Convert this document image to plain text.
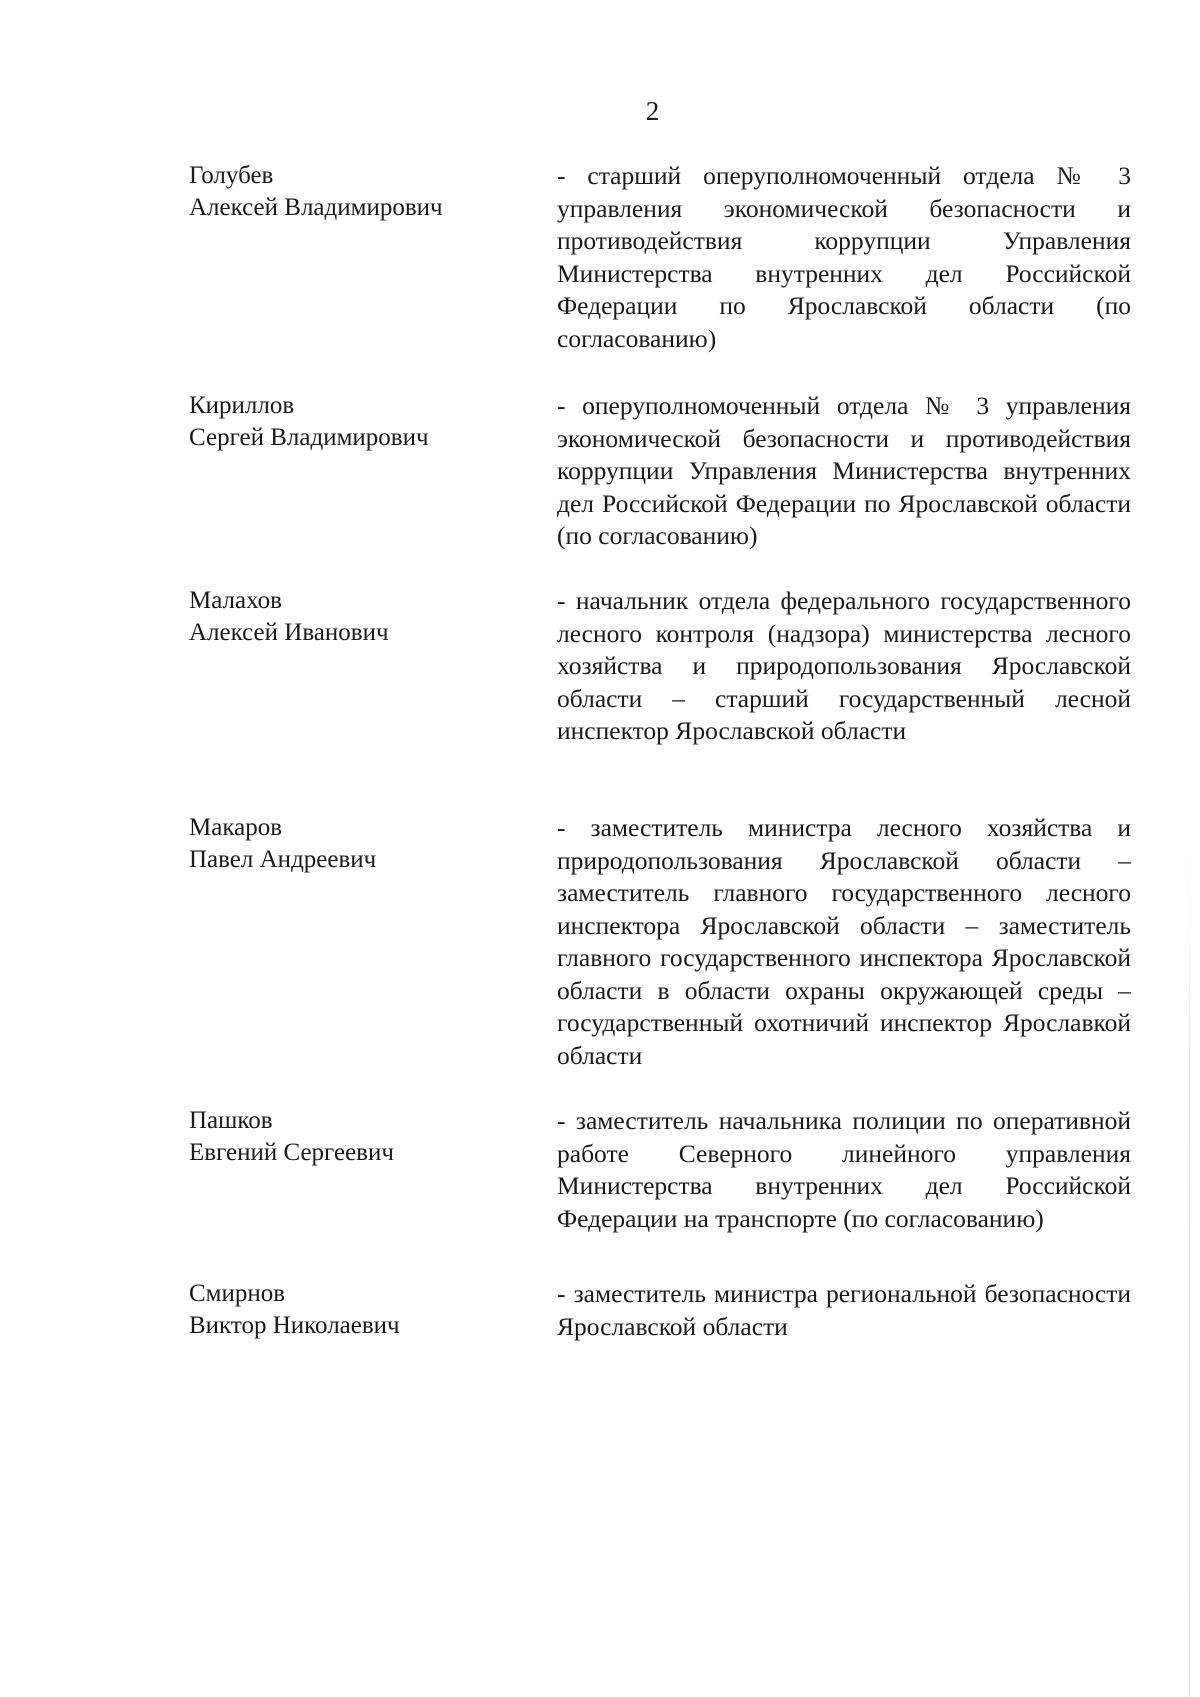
2
Голубев
Алексей Владимирович
- старший оперуполномоченный отдела № 3 управления экономической безопасности и противодействия коррупции Управления Министерства внутренних дел Российской Федерации по Ярославской области (по согласованию)
Кириллов
Сергей Владимирович
- оперуполномоченный отдела № 3 управления экономической безопасности и противодействия коррупции Управления Министерства внутренних дел Российской Федерации по Ярославской области (по согласованию)
Малахов
Алексей Иванович
- начальник отдела федерального государственного лесного контроля (надзора) министерства лесного хозяйства и природопользования Ярославской области – старший государственный лесной инспектор Ярославской области
Макаров
Павел Андреевич
- заместитель министра лесного хозяйства и природопользования Ярославской области – заместитель главного государственного лесного инспектора Ярославской области – заместитель главного государственного инспектора Ярославской области в области охраны окружающей среды – государственный охотничий инспектор Ярославкой области
Пашков
Евгений Сергеевич
- заместитель начальника полиции по оперативной работе Северного линейного управления Министерства внутренних дел Российской Федерации на транспорте (по согласованию)
Смирнов
Виктор Николаевич
- заместитель министра региональной безопасности Ярославской области
